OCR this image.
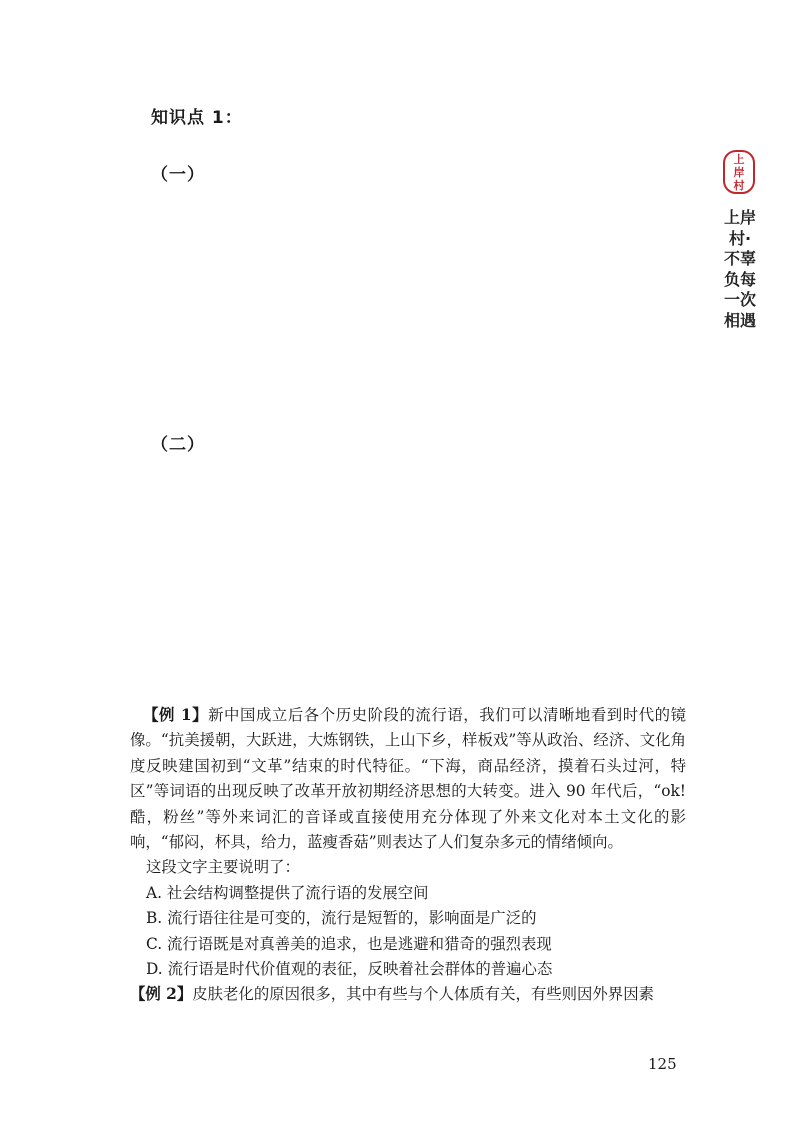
知识点 1：
（一）
（二）
上
岸
村
上岸村·不辜负每一次相遇

【例 1】新中国成立后各个历史阶段的流行语，我们可以清晰地看到时代的镜像。“抗美援朝，大跃进，大炼钢铁，上山下乡，样板戏”等从政治、经济、文化角度反映建国初到“文革”结束的时代特征。“下海，商品经济，摸着石头过河，特区”等词语的出现反映了改革开放初期经济思想的大转变。进入 90 年代后，“ok!酷，粉丝”等外来词汇的音译或直接使用充分体现了外来文化对本土文化的影响，“郁闷，杯具，给力，蓝瘦香菇”则表达了人们复杂多元的情绪倾向。

这段文字主要说明了：

A. 社会结构调整提供了流行语的发展空间

B. 流行语往往是可变的，流行是短暂的，影响面是广泛的

C. 流行语既是对真善美的追求，也是逃避和猎奇的强烈表现

D. 流行语是时代价值观的表征，反映着社会群体的普遍心态

【例 2】皮肤老化的原因很多，其中有些与个人体质有关，有些则因外界因素

125
